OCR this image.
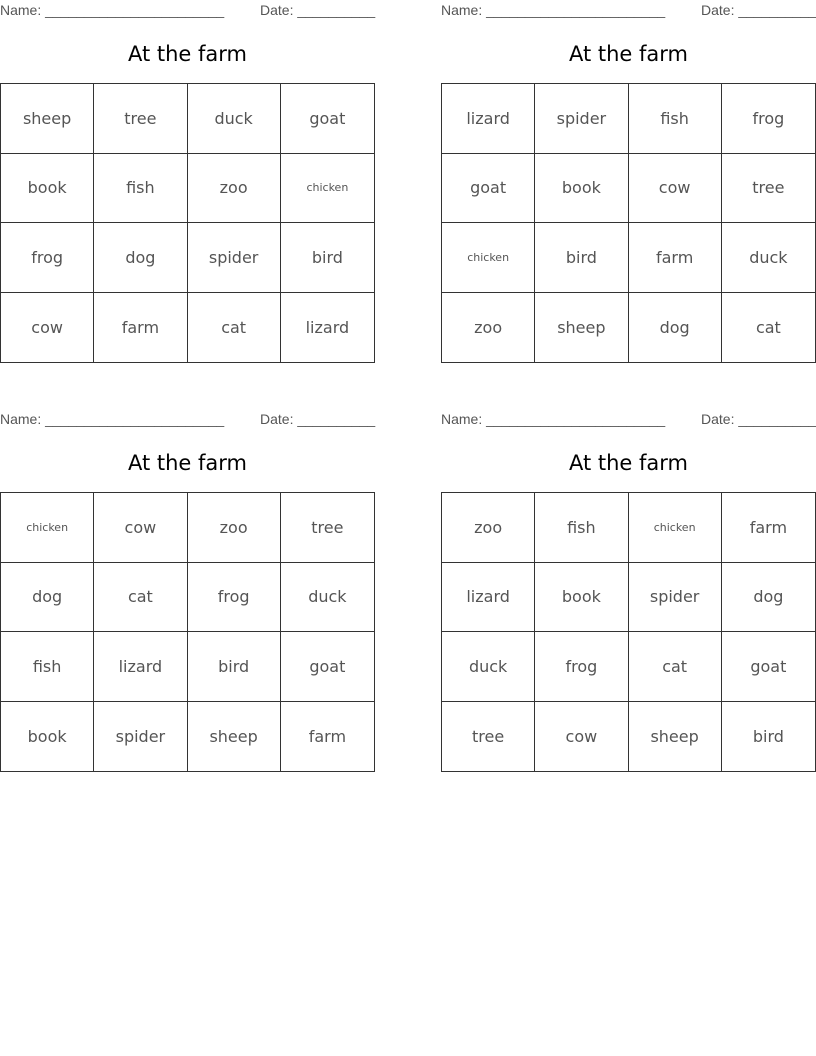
Name: _______________________	Date: __________
At the farm
sheep	tree	duck	goat
book	fish	zoo	chicken
frog	dog	spider	bird
cow	farm	cat	lizard
Name: _______________________	Date: __________
At the farm
lizard	spider	fish	frog
goat	book	cow	tree
chicken	bird	farm	duck
zoo	sheep	dog	cat
Name: _______________________	Date: __________
At the farm
chicken	cow	zoo	tree
dog	cat	frog	duck
fish	lizard	bird	goat
book	spider	sheep	farm
Name: _______________________	Date: __________
At the farm
zoo	fish	chicken	farm
lizard	book	spider	dog
duck	frog	cat	goat
tree	cow	sheep	bird
